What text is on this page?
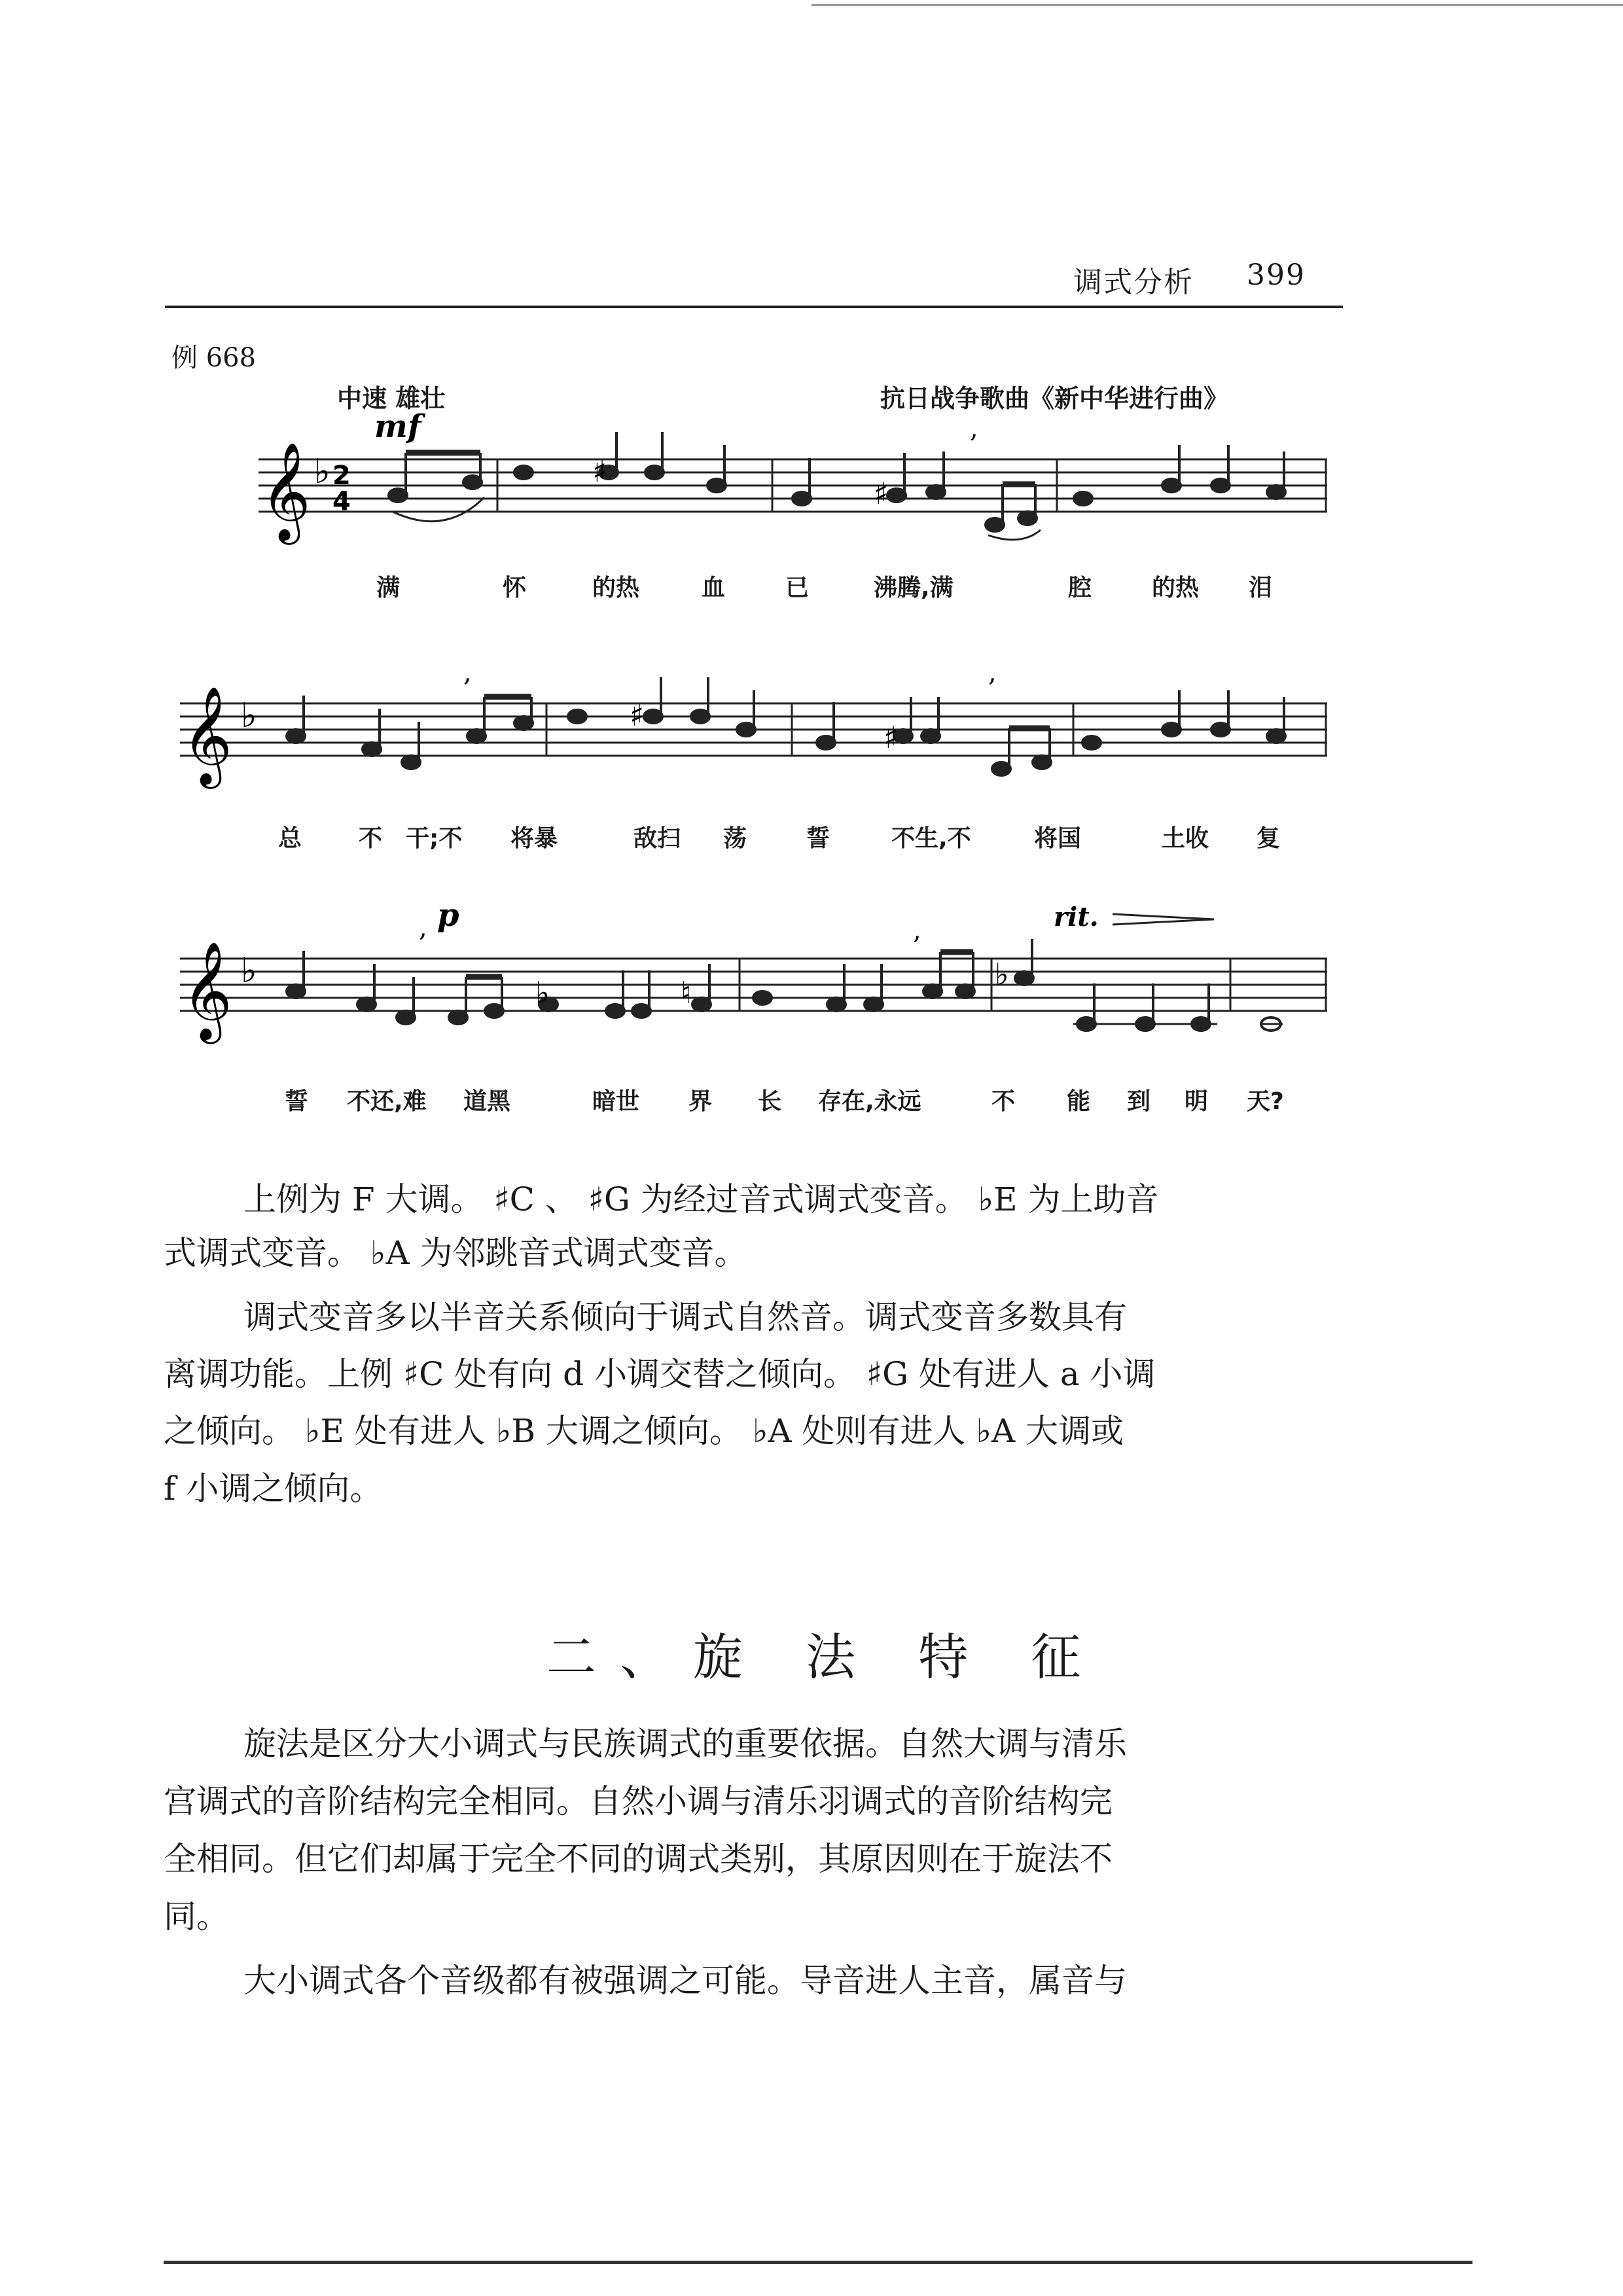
调式分析 399
例 668
中速 雄壮	抗日战争歌曲《新中华进行曲》
𝄞 ♭ 2
4
mf
♯
♯
,
满	怀	的热	血	已	沸腾,满	腔	的热 泪
𝄞 ♭	♯
♯
,	,
总 不 干;不 将暴	敌扫 荡	誓	不生,不	将国	土收 复
p	rit.
𝄞 ♭
♭	♮
♭
,	,
誓 不还,难 道黑	暗世 界 长 存在,永远	不 能 到 明 天?
上例为 F 大调。 ♯C 、 ♯G 为经过音式调式变音。 ♭E 为上助音
式调式变音。 ♭A 为邻跳音式调式变音。
调式变音多以半音关系倾向于调式自然音。调式变音多数具有
离调功能。上例 ♯C 处有向 d 小调交替之倾向。 ♯G 处有进人 a 小调
之倾向。 ♭E 处有进人 ♭B 大调之倾向。 ♭A 处则有进人 ♭A 大调或
f 小调之倾向。
二、旋 法 特 征
旋法是区分大小调式与民族调式的重要依据。自然大调与清乐
宫调式的音阶结构完全相同。自然小调与清乐羽调式的音阶结构完
全相同。但它们却属于完全不同的调式类别，其原因则在于旋法不
同。
大小调式各个音级都有被强调之可能。导音进人主音，属音与
